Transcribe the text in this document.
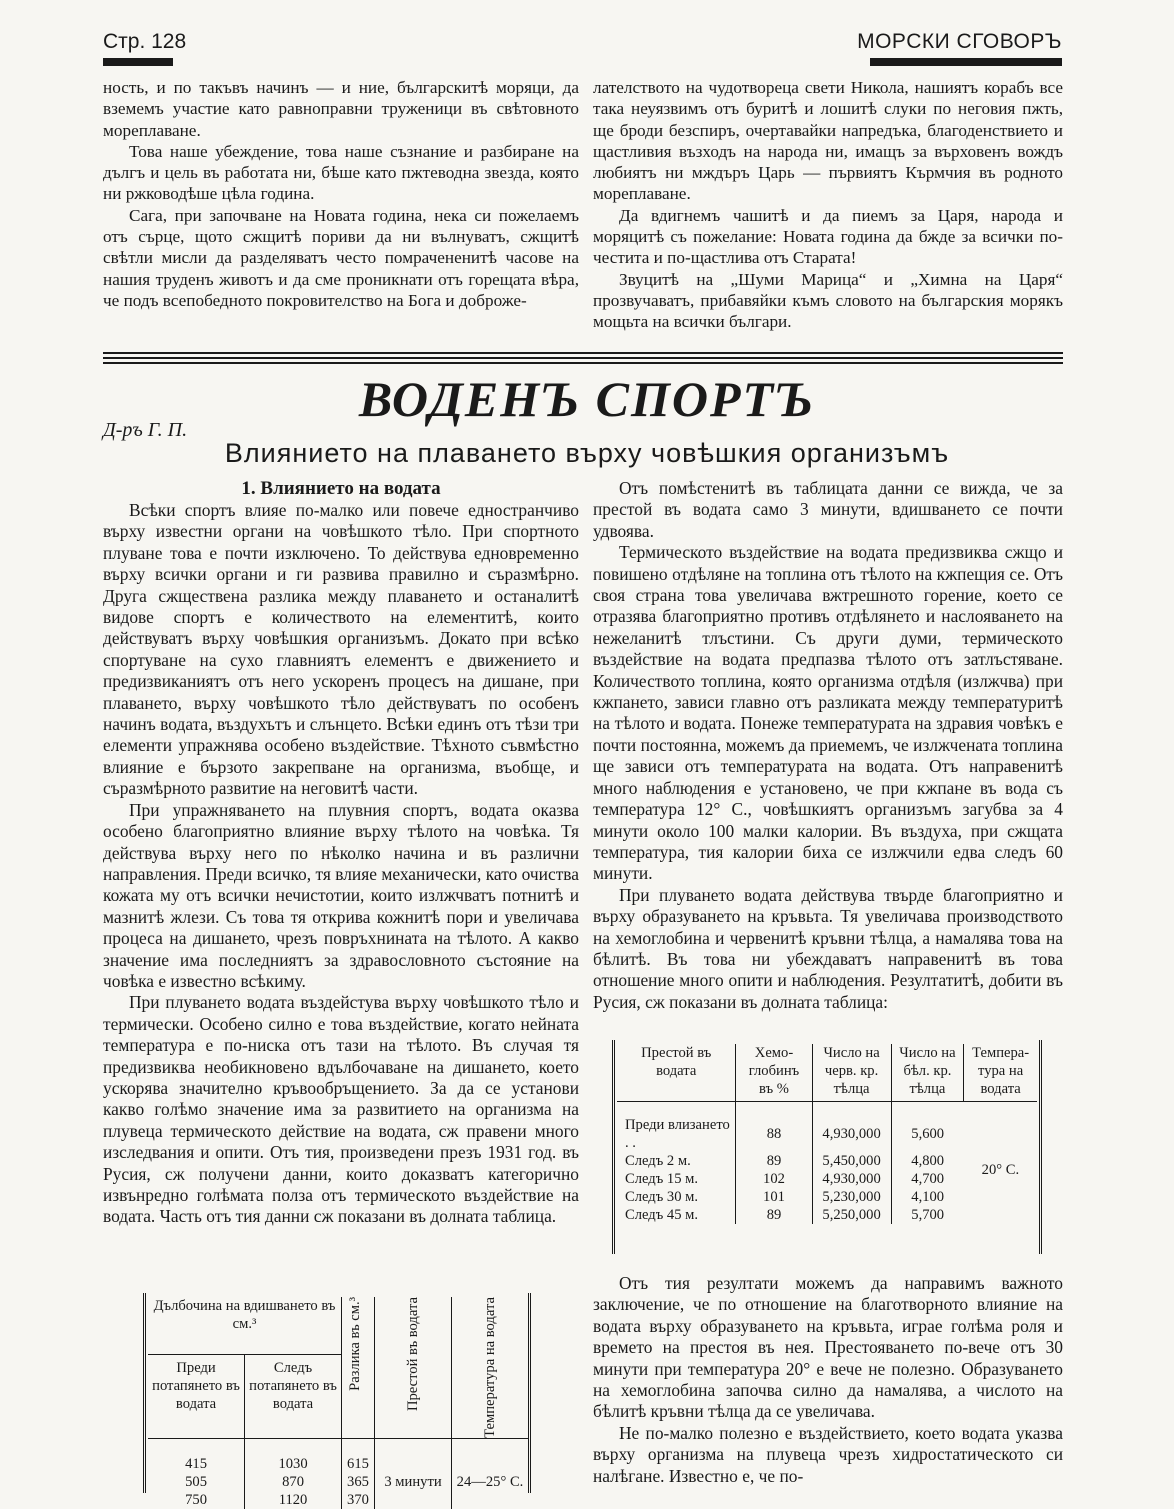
Стр. 128	МОРСКИ СГОВОРЪ

ность, и по такъвъ начинъ — и ние, българскитѣ моряци, да вземемъ участие като равноправни труженици въ свѣтовното мореплаване.

Това наше убеждение, това наше съзнание и разбиране на дългъ и цель въ работата ни, бѣше като пжтеводна звезда, която ни ржководѣше цѣла година.

Сага, при започване на Новата година, нека си пожелаемъ отъ сърце, щото сжщитѣ пориви да ни вълнуватъ, сжщитѣ свѣтли мисли да разделяватъ често помрачененитѣ часове на нашия труденъ животъ и да сме проникнати отъ горещата вѣра, че подъ всепобедното покровителство на Бога и доброже-

лателството на чудотвореца свети Никола, нашиятъ корабъ все така неуязвимъ отъ буритѣ и лошитѣ слуки по неговия пжть, ще броди безспиръ, очертавайки напредъка, благоденствието и щастливия възходъ на народа ни, имащъ за върховенъ вождъ любиятъ ни мждъръ Царь — първиятъ Кърмчия въ родното мореплаване.

Да вдигнемъ чашитѣ и да пиемъ за Царя, народа и моряцитѣ съ пожелание: Новата година да бжде за всички по-честита и по-щастлива отъ Старата!

Звуцитѣ на „Шуми Марица“ и „Химна на Царя“ прозвучаватъ, прибавяйки къмъ словото на българския морякъ мощьта на всички българи.

ВОДЕНЪ СПОРТЪ
Д-ръ Г. П.
Влиянието на плаването върху човѣшкия организъмъ
1. Влиянието на водата

Всѣки спортъ влияе по-малко или повече едностранчиво върху известни органи на човѣшкото тѣло. При спортното плуване това е почти изключено. То действува едновременно върху всички органи и ги развива правилно и съразмѣрно. Друга сжществена разлика между плаването и останалитѣ видове спортъ е количеството на елементитѣ, които действуватъ върху човѣшкия организъмъ. Докато при всѣко спортуване на сухо главниятъ елементъ е движението и предизвиканиятъ отъ него ускоренъ процесъ на дишане, при плаването, върху човѣшкото тѣло действуватъ по особенъ начинъ водата, въздухътъ и слънцето. Всѣки единъ отъ тѣзи три елементи упражнява особено въздействие. Тѣхното съвмѣстно влияние е бързото закрепване на организма, въобще, и съразмѣрното развитие на неговитѣ части.

При упражняването на плувния спортъ, водата оказва особено благоприятно влияние върху тѣлото на човѣка. Тя действува върху него по нѣколко начина и въ различни направления. Преди всичко, тя влияе механически, като очиства кожата му отъ всички нечистотии, които излжчватъ потнитѣ и мазнитѣ жлези. Съ това тя открива кожнитѣ пори и увеличава процеса на дишането, чрезъ повръхнината на тѣлото. А какво значение има последниятъ за здравословното състояние на човѣка е известно всѣкиму.

При плуването водата въздейстува върху човѣшкото тѣло и термически. Особено силно е това въздействие, когато нейната температура е по-ниска отъ тази на тѣлото. Въ случая тя предизвиква необикновено вдълбочаване на дишането, което ускорява значително кръвообръщението. За да се установи какво голѣмо значение има за развитието на организма на плувеца термическото действие на водата, сж правени много изследвания и опити. Отъ тия, произведени презъ 1931 год. въ Русия, сж получени данни, които доказватъ категорично извънредно голѣмата полза отъ термическото въздействие на водата. Часть отъ тия данни сж показани въ долната таблица.

Отъ помѣстенитѣ въ таблицата данни се вижда, че за престой въ водата само 3 минути, вдишването се почти удвоява.

Термическото въздействие на водата предизвиква сжщо и повишено отдѣляне на топлина отъ тѣлото на кжпещия се. Отъ своя страна това увеличава вжтрешното горение, което се отразява благоприятно противъ отдѣлянето и наслояването на нежеланитѣ тлъстини. Съ други думи, термическото въздействие на водата предпазва тѣлото отъ затлъстяване. Количеството топлина, която организма отдѣля (излжчва) при кжпането, зависи главно отъ разликата между температуритѣ на тѣлото и водата. Понеже температурата на здравия човѣкъ е почти постоянна, можемъ да приемемъ, че излжчената топлина ще зависи отъ температурата на водата. Отъ направенитѣ много наблюдения е установено, че при кжпане въ вода съ температура 12° С., човѣшкиятъ организъмъ загубва за 4 минути около 100 малки калории. Въ въздуха, при сжщата температура, тия калории биха се излжчили едва следъ 60 минути.

При плуването водата действува твърде благоприятно и върху образуването на кръвьта. Тя увеличава производството на хемоглобина и червенитѣ кръвни тѣлца, а намалява това на бѣлитѣ. Въ това ни убеждаватъ направенитѣ въ това отношение много опити и наблюдения. Резултатитѣ, добити въ Русия, сж показани въ долната таблица:

Престой въ водата	Хемо-глобинъ въ %	Число на черв. кр. тѣлца	Число на бѣл. кр. тѣлца	Темпера-тура на водата

Преди влизането . .	88	4,930,000	5,600	20° С.
Следъ 2 м.	89	5,450,000	4,800	
Следъ 15 м.	102	4,930,000	4,700	
Следъ 30 м.	101	5,230,000	4,100	
Следъ 45 м.	89	5,250,000	5,700	

Отъ тия резултати можемъ да направимъ важното заключение, че по отношение на благотворното влияние на водата върху образуването на кръвьта, играе голѣма роля и времето на престоя въ нея. Престояването по-вече отъ 30 минути при температура 20° е вече не полезно. Образуването на хемоглобина започва силно да намалява, а числото на бѣлитѣ кръвни тѣлца да се увеличава.

Не по-малко полезно е въздействието, което водата указва върху организма на плувеца чрезъ хидростатическото си налѣгане. Известно е, че по-

Дълбочина на вдишването въ см.³		Разлика въ см.³	Престой въ водата	Температура на водата

Преди потапянето въ водата	Следъ потапянето въ водата			

415	1030	615	3 минути	24—25° С.
505	870	365		
750	1120	370		
